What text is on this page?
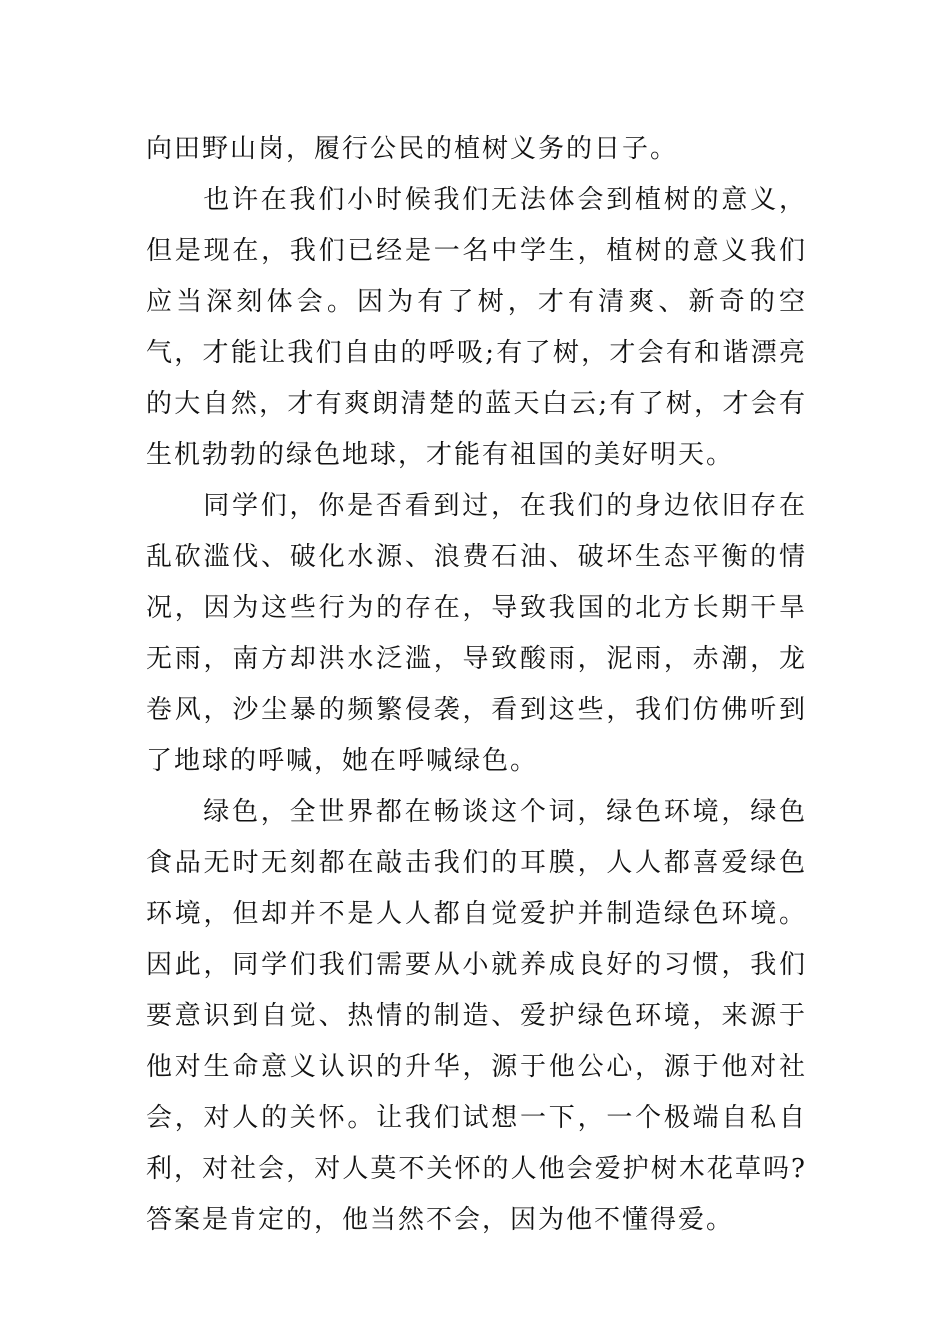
向田野山岗，履行公民的植树义务的日子。

也许在我们小时候我们无法体会到植树的意义，但是现在，我们已经是一名中学生，植树的意义我们应当深刻体会。因为有了树，才有清爽、新奇的空气，才能让我们自由的呼吸;有了树，才会有和谐漂亮的大自然，才有爽朗清楚的蓝天白云;有了树，才会有生机勃勃的绿色地球，才能有祖国的美好明天。

同学们，你是否看到过，在我们的身边依旧存在乱砍滥伐、破化水源、浪费石油、破坏生态平衡的情况，因为这些行为的存在，导致我国的北方长期干旱无雨，南方却洪水泛滥，导致酸雨，泥雨，赤潮，龙卷风，沙尘暴的频繁侵袭，看到这些，我们仿佛听到了地球的呼喊，她在呼喊绿色。

绿色，全世界都在畅谈这个词，绿色环境，绿色食品无时无刻都在敲击我们的耳膜，人人都喜爱绿色环境，但却并不是人人都自觉爱护并制造绿色环境。因此，同学们我们需要从小就养成良好的习惯，我们要意识到自觉、热情的制造、爱护绿色环境，来源于他对生命意义认识的升华，源于他公心，源于他对社会，对人的关怀。让我们试想一下，一个极端自私自利，对社会，对人莫不关怀的人他会爱护树木花草吗?答案是肯定的，他当然不会，因为他不懂得爱。
